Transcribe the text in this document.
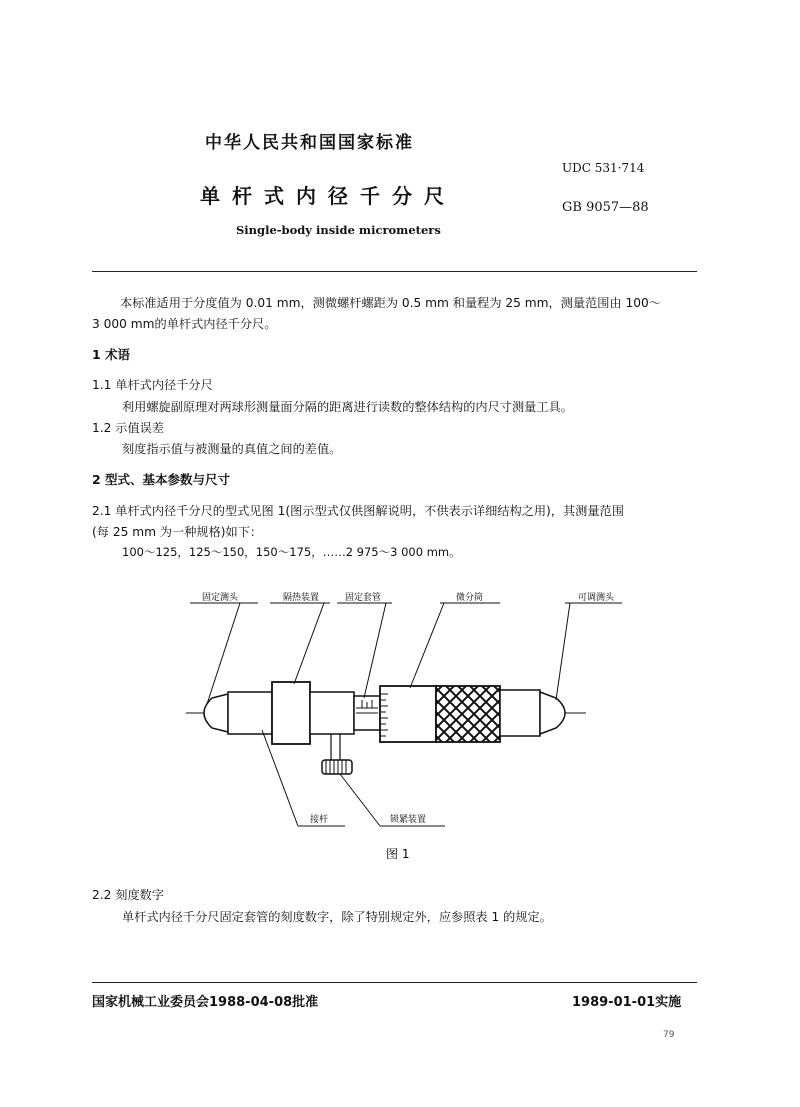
中华人民共和国国家标准
UDC 531·714
单杆式内径千分尺	GB 9057—88
Single-body inside micrometers
本标准适用于分度值为 0.01 mm，测微螺杆螺距为 0.5 mm 和量程为 25 mm，测量范围由 100～
3 000 mm的单杆式内径千分尺。
1 术语
1.1 单杆式内径千分尺
利用螺旋副原理对两球形测量面分隔的距离进行读数的整体结构的内尺寸测量工具。
1.2 示值误差
刻度指示值与被测量的真值之间的差值。
2 型式、基本参数与尺寸
2.1 单杆式内径千分尺的型式见图 1(图示型式仅供图解说明，不供表示详细结构之用)，其测量范围
(每 25 mm 为一种规格)如下：
100～125，125～150，150～175，……2 975～3 000 mm。
固定测头	隔热装置	固定套管	微分筒	可调测头
接杆	锁紧装置
图 1
2.2 刻度数字
单杆式内径千分尺固定套管的刻度数字，除了特别规定外，应参照表 1 的规定。
国家机械工业委员会1988-04-08批准	1989-01-01实施
79
